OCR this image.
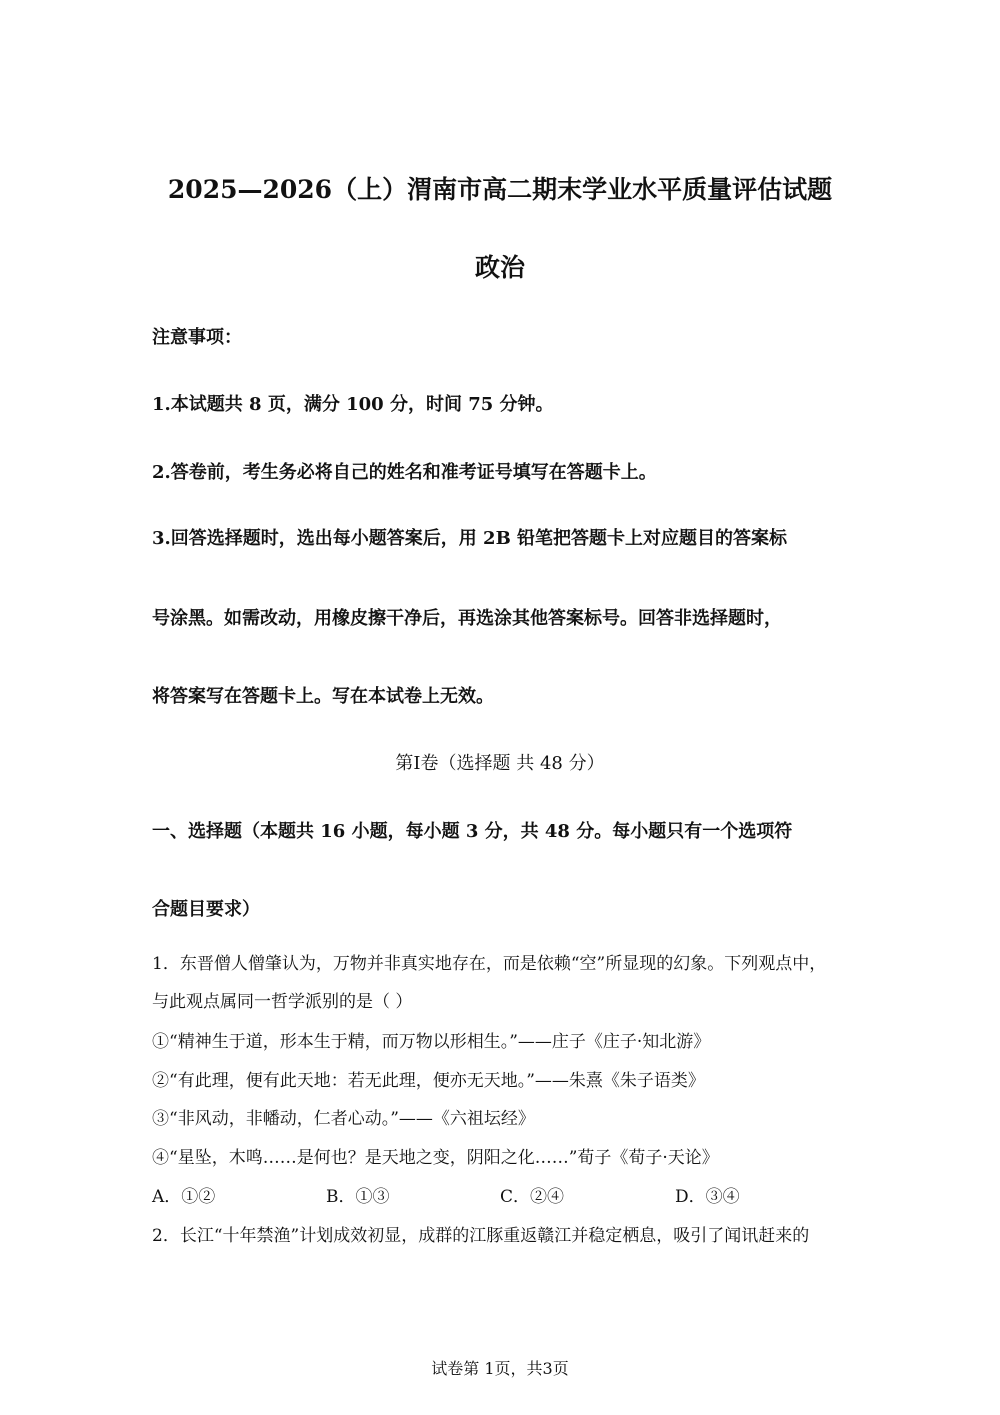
2025—2026（上）渭南市高二期末学业水平质量评估试题
政治
注意事项：
1.本试题共 8 页，满分 100 分，时间 75 分钟。
2.答卷前，考生务必将自己的姓名和准考证号填写在答题卡上。
3.回答选择题时，选出每小题答案后，用 2B 铅笔把答题卡上对应题目的答案标
号涂黑。如需改动，用橡皮擦干净后，再选涂其他答案标号。回答非选择题时，
将答案写在答题卡上。写在本试卷上无效。
第Ⅰ卷（选择题 共 48 分）
一、选择题（本题共 16 小题，每小题 3 分，共 48 分。每小题只有一个选项符
合题目要求）
1．东晋僧人僧肇认为，万物并非真实地存在，而是依赖“空”所显现的幻象。下列观点中，
与此观点属同一哲学派别的是（ ）
①“精神生于道，形本生于精，而万物以形相生。”——庄子《庄子·知北游》
②“有此理，便有此天地：若无此理，便亦无天地。”——朱熹《朱子语类》
③“非风动，非幡动，仁者心动。”——《六祖坛经》
④“星坠，木鸣……是何也？是天地之变，阴阳之化……”荀子《荀子·天论》
A．①②	B．①③	C．②④	D．③④
2．长江“十年禁渔”计划成效初显，成群的江豚重返赣江并稳定栖息，吸引了闻讯赶来的
试卷第 1页，共3页
